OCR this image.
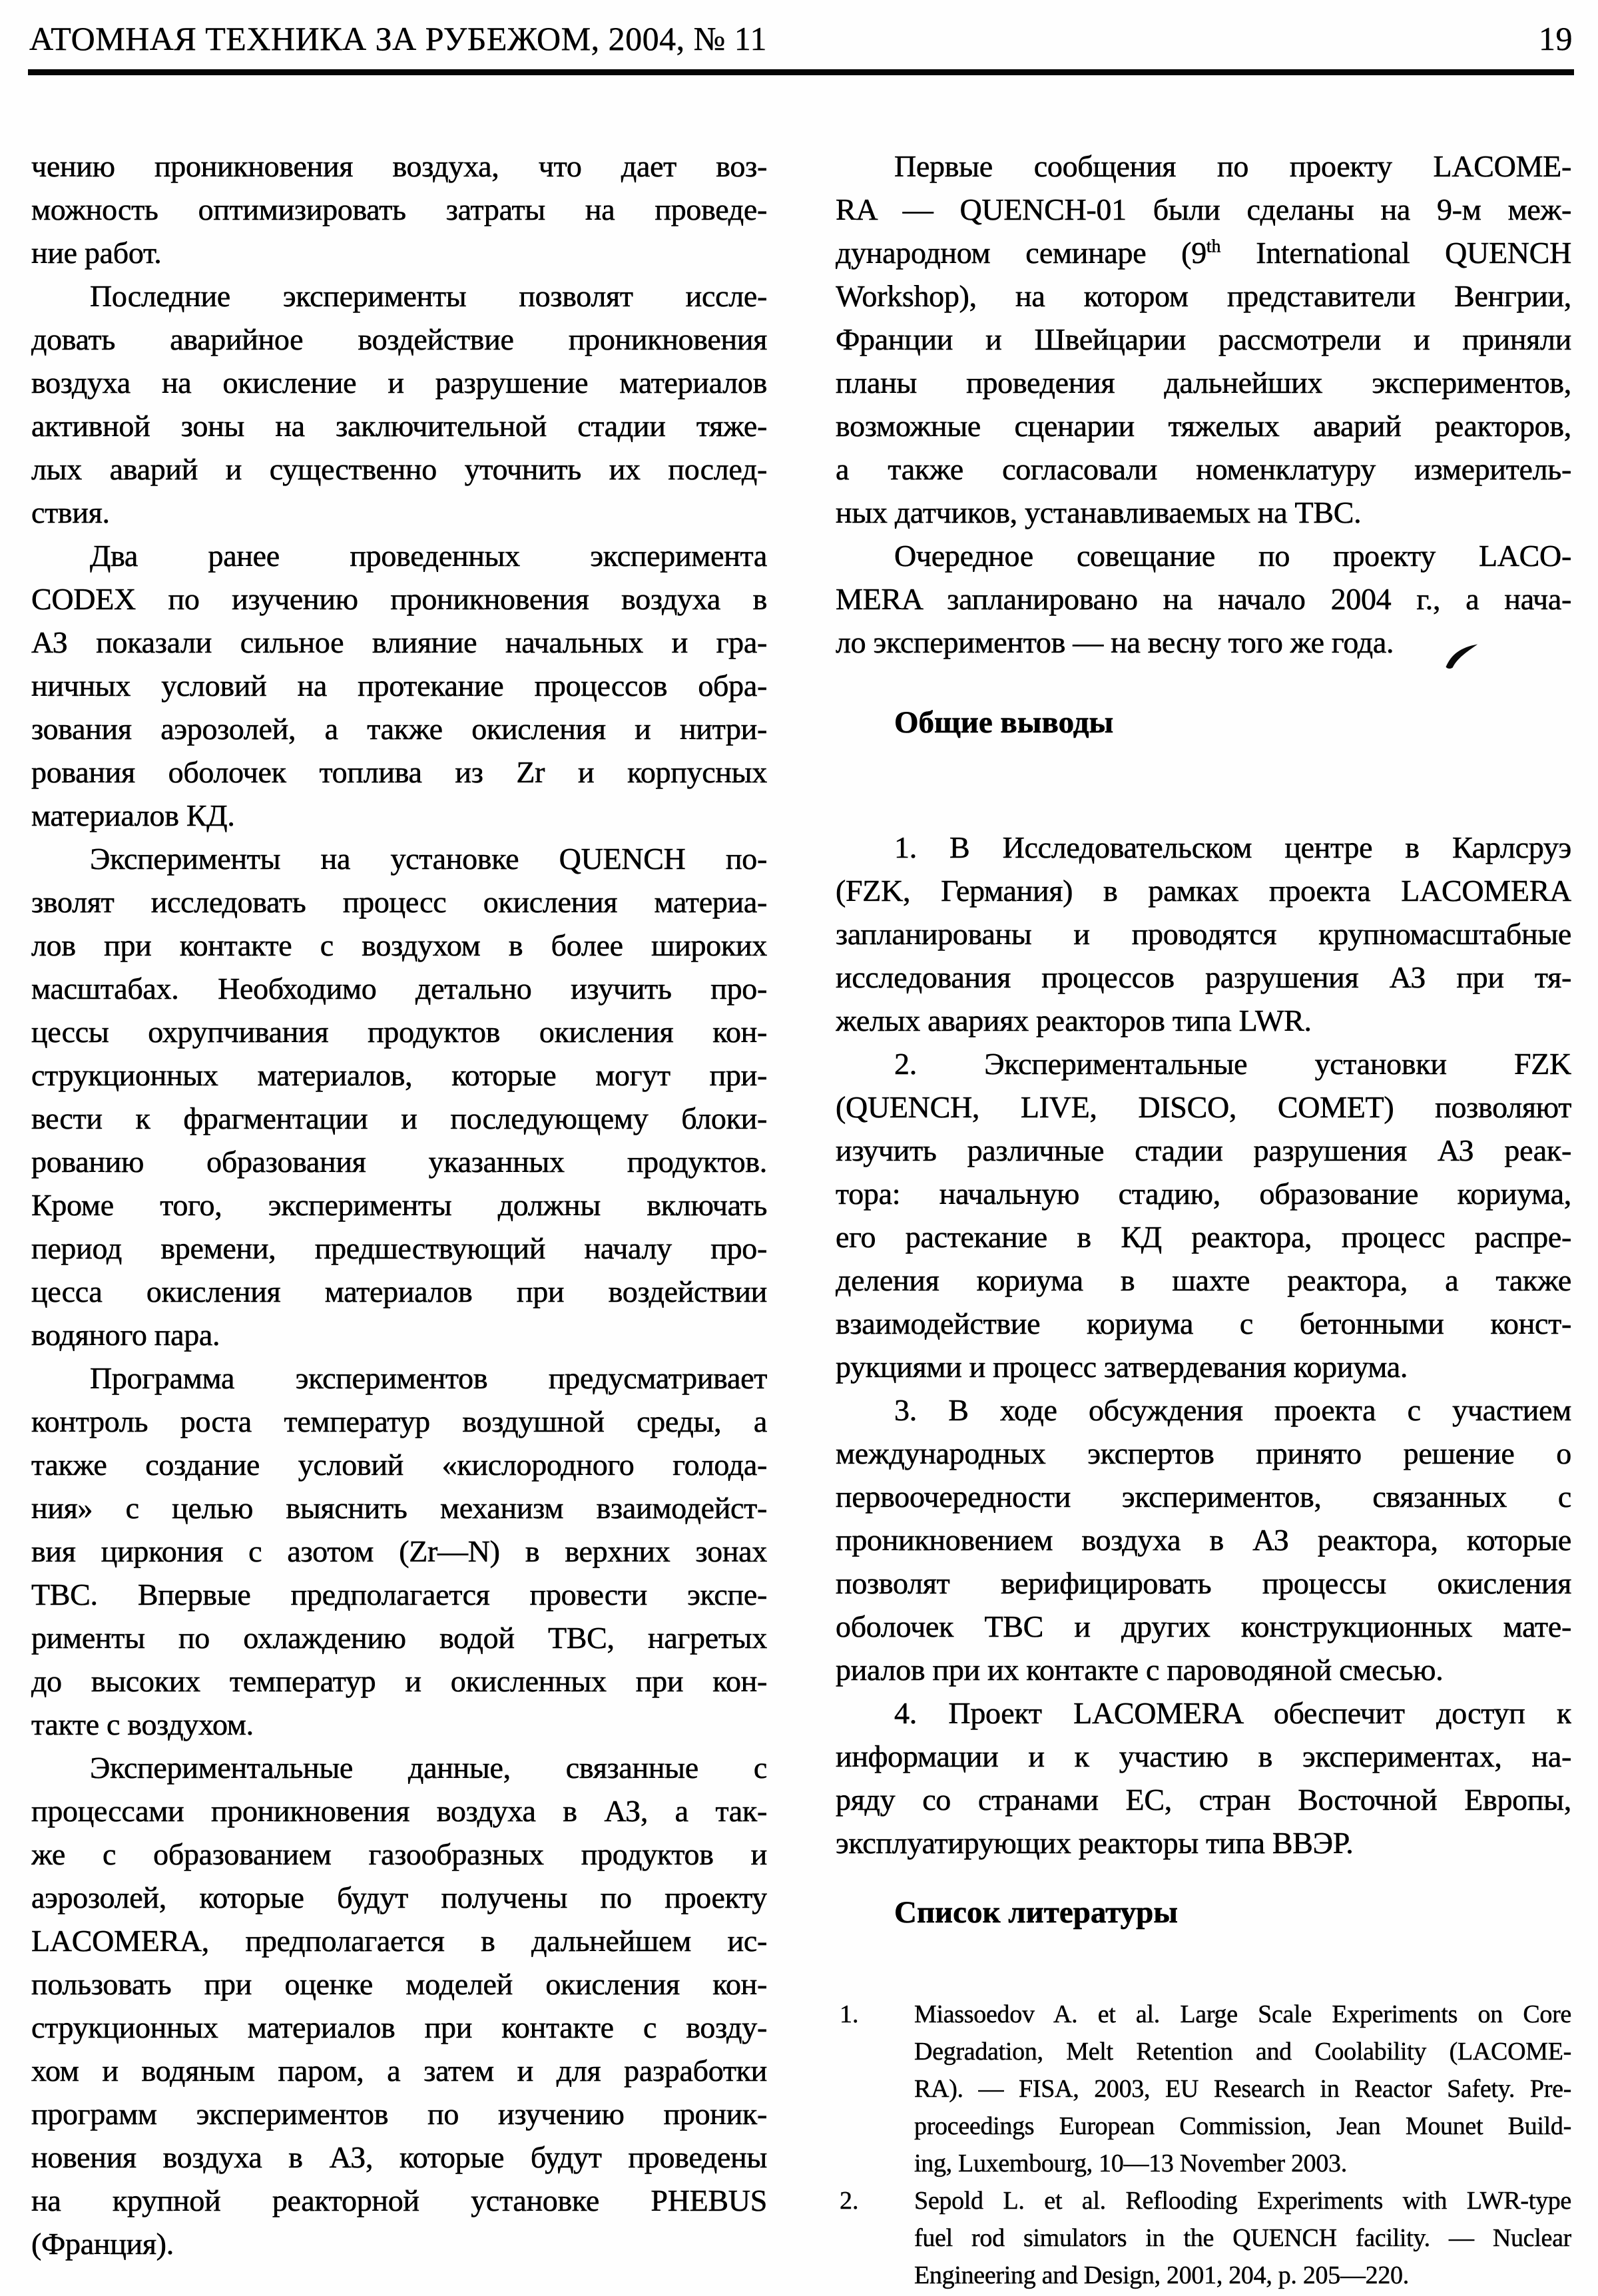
АТОМНАЯ ТЕХНИКА ЗА РУБЕЖОМ, 2004, № 11	19
чению проникновения воздуха, что дает воз-
можность оптимизировать затраты на проведе-
ние работ.
Последние эксперименты позволят иссле-
довать аварийное воздействие проникновения
воздуха на окисление и разрушение материалов
активной зоны на заключительной стадии тяже-
лых аварий и существенно уточнить их послед-
ствия.
Два ранее проведенных эксперимента
CODEX по изучению проникновения воздуха в
АЗ показали сильное влияние начальных и гра-
ничных условий на протекание процессов обра-
зования аэрозолей, а также окисления и нитри-
рования оболочек топлива из Zr и корпусных
материалов КД.
Эксперименты на установке QUENCH по-
зволят исследовать процесс окисления материа-
лов при контакте с воздухом в более широких
масштабах. Необходимо детально изучить про-
цессы охрупчивания продуктов окисления кон-
струкционных материалов, которые могут при-
вести к фрагментации и последующему блоки-
рованию образования указанных продуктов.
Кроме того, эксперименты должны включать
период времени, предшествующий началу про-
цесса окисления материалов при воздействии
водяного пара.
Программа экспериментов предусматривает
контроль роста температур воздушной среды, а
также создание условий «кислородного голода-
ния» с целью выяснить механизм взаимодейст-
вия циркония с азотом (Zr—N) в верхних зонах
ТВС. Впервые предполагается провести экспе-
рименты по охлаждению водой ТВС, нагретых
до высоких температур и окисленных при кон-
такте с воздухом.
Экспериментальные данные, связанные с
процессами проникновения воздуха в АЗ, а так-
же с образованием газообразных продуктов и
аэрозолей, которые будут получены по проекту
LACOMERA, предполагается в дальнейшем ис-
пользовать при оценке моделей окисления кон-
струкционных материалов при контакте с возду-
хом и водяным паром, а затем и для разработки
программ экспериментов по изучению проник-
новения воздуха в АЗ, которые будут проведены
на крупной реакторной установке PHEBUS
(Франция).
Первые сообщения по проекту LACOME-
RA — QUENCH-01 были сделаны на 9-м меж-
дународном семинаре (9th International QUENCH
Workshop), на котором представители Венгрии,
Франции и Швейцарии рассмотрели и приняли
планы проведения дальнейших экспериментов,
возможные сценарии тяжелых аварий реакторов,
а также согласовали номенклатуру измеритель-
ных датчиков, устанавливаемых на ТВС.
Очередное совещание по проекту LACO-
MERA запланировано на начало 2004 г., а нача-
ло экспериментов — на весну того же года.
Общие выводы
1. В Исследовательском центре в Карлсруэ
(FZK, Германия) в рамках проекта LACOMERA
запланированы и проводятся крупномасштабные
исследования процессов разрушения АЗ при тя-
желых авариях реакторов типа LWR.
2. Экспериментальные установки FZK
(QUENCH, LIVE, DISCO, COMET) позволяют
изучить различные стадии разрушения АЗ реак-
тора: начальную стадию, образование кориума,
его растекание в КД реактора, процесс распре-
деления кориума в шахте реактора, а также
взаимодействие кориума с бетонными конст-
рукциями и процесс затвердевания кориума.
3. В ходе обсуждения проекта с участием
международных экспертов принято решение о
первоочередности экспериментов, связанных с
проникновением воздуха в АЗ реактора, которые
позволят верифицировать процессы окисления
оболочек ТВС и других конструкционных мате-
риалов при их контакте с пароводяной смесью.
4. Проект LACOMERA обеспечит доступ к
информации и к участию в экспериментах, на-
ряду со странами ЕС, стран Восточной Европы,
эксплуатирующих реакторы типа ВВЭР.
Список литературы
1.	Miassoedov A. et al. Large Scale Experiments on Core
Degradation, Melt Retention and Coolability (LACOME-
RA). — FISA, 2003, EU Research in Reactor Safety. Pre-
proceedings European Commission, Jean Mounet Build-
ing, Luxembourg, 10—13 November 2003.
2.	Sepold L. et al. Reflooding Experiments with LWR-type
fuel rod simulators in the QUENCH facility. — Nuclear
Engineering and Design, 2001, 204, p. 205—220.
